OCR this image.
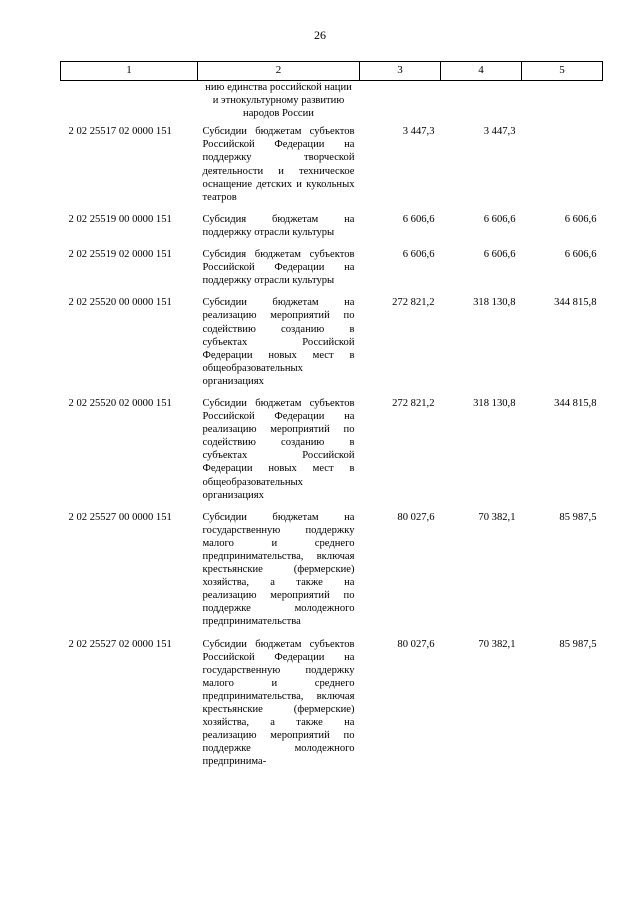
26
1	2	3	4	5
	нию единства российской нации и этнокультурному развитию народов России			
2 02 25517 02 0000 151	Субсидии бюджетам субъектов Российской Федерации на поддержку творческой деятельности и техническое оснащение детских и кукольных театров	3 447,3	3 447,3	
2 02 25519 00 0000 151	Субсидия бюджетам на поддержку отрасли культуры	6 606,6	6 606,6	6 606,6
2 02 25519 02 0000 151	Субсидия бюджетам субъектов Российской Федерации на поддержку отрасли культуры	6 606,6	6 606,6	6 606,6
2 02 25520 00 0000 151	Субсидии бюджетам на реализацию мероприятий по содействию созданию в субъектах Российской Федерации новых мест в общеобразовательных организациях	272 821,2	318 130,8	344 815,8
2 02 25520 02 0000 151	Субсидии бюджетам субъектов Российской Федерации на реализацию мероприятий по содействию созданию в субъектах Российской Федерации новых мест в общеобразовательных организациях	272 821,2	318 130,8	344 815,8
2 02 25527 00 0000 151	Субсидии бюджетам на государственную поддержку малого и среднего предпринимательства, включая крестьянские (фермерские) хозяйства, а также на реализацию мероприятий по поддержке молодежного предпринимательства	80 027,6	70 382,1	85 987,5
2 02 25527 02 0000 151	Субсидии бюджетам субъектов Российской Федерации на государственную поддержку малого и среднего предпринимательства, включая крестьянские (фермерские) хозяйства, а также на реализацию мероприятий по поддержке молодежного предпринима-	80 027,6	70 382,1	85 987,5
